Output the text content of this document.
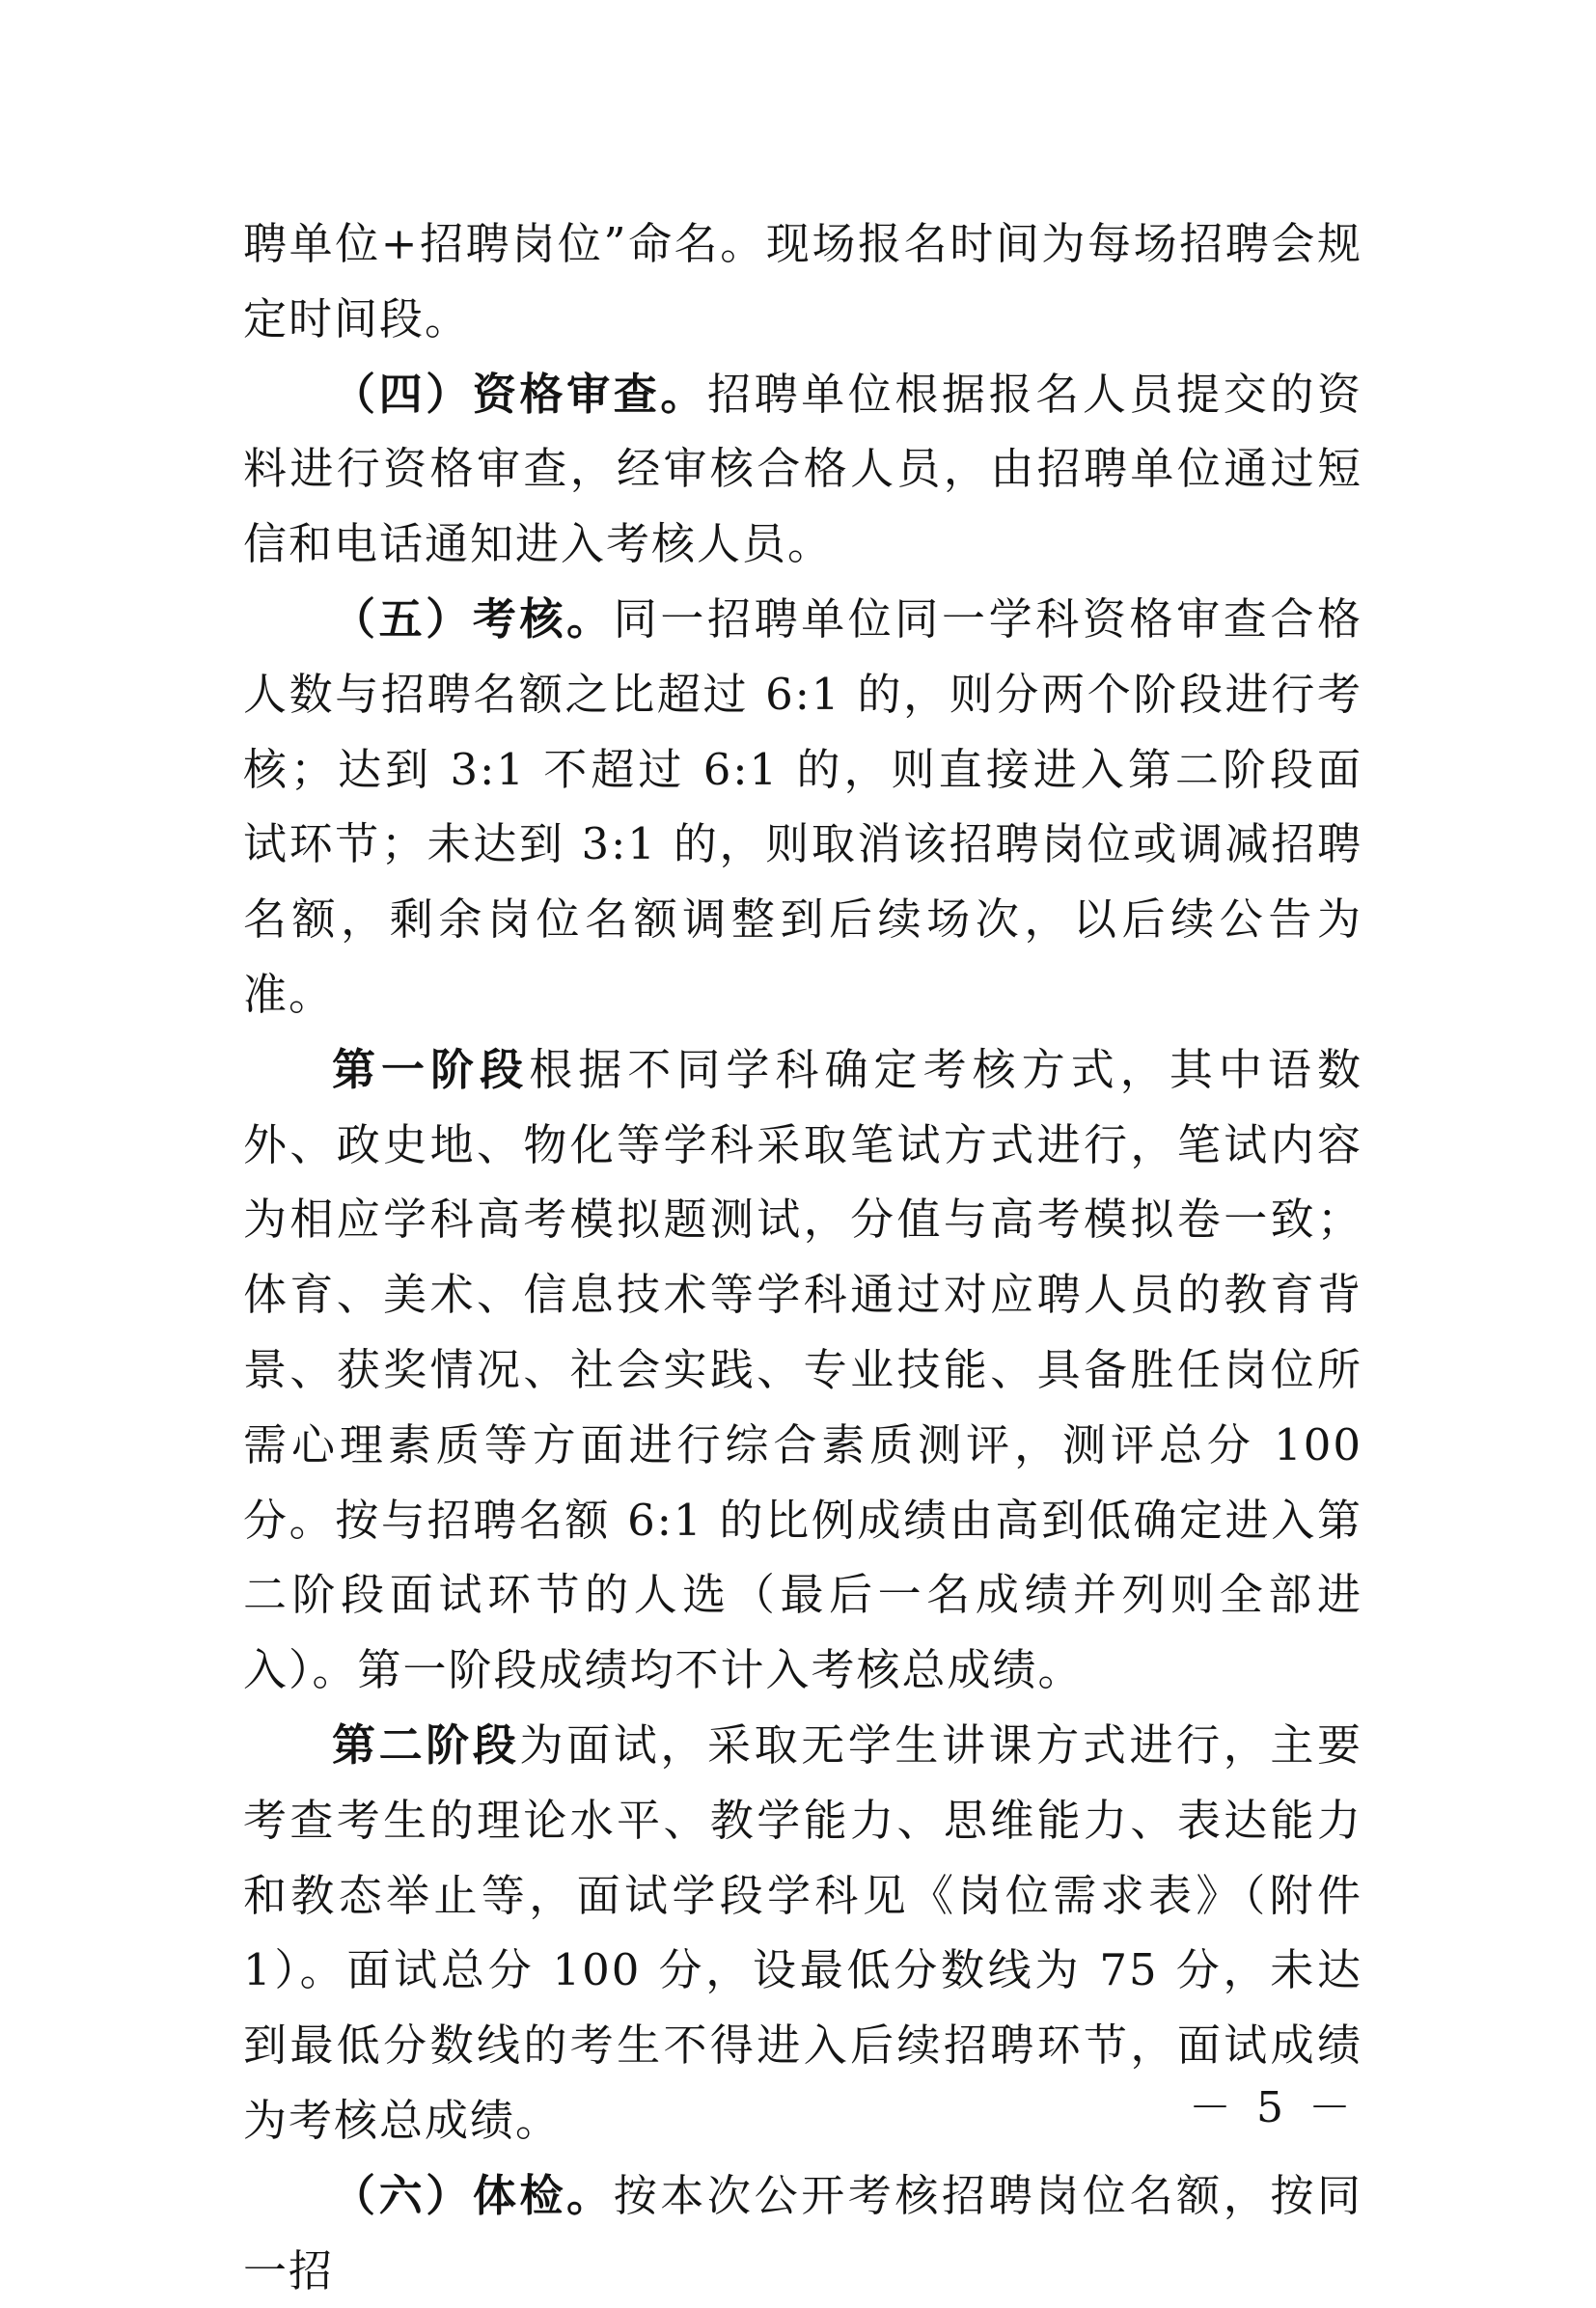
聘单位+招聘岗位”命名。现场报名时间为每场招聘会规定时间段。

（四）资格审查。招聘单位根据报名人员提交的资料进行资格审查，经审核合格人员，由招聘单位通过短信和电话通知进入考核人员。

（五）考核。同一招聘单位同一学科资格审查合格人数与招聘名额之比超过 6:1 的，则分两个阶段进行考核；达到 3:1 不超过 6:1 的，则直接进入第二阶段面试环节；未达到 3:1 的，则取消该招聘岗位或调减招聘名额，剩余岗位名额调整到后续场次，以后续公告为准。

第一阶段根据不同学科确定考核方式，其中语数外、政史地、物化等学科采取笔试方式进行，笔试内容为相应学科高考模拟题测试，分值与高考模拟卷一致；体育、美术、信息技术等学科通过对应聘人员的教育背景、获奖情况、社会实践、专业技能、具备胜任岗位所需心理素质等方面进行综合素质测评，测评总分 100 分。按与招聘名额 6:1 的比例成绩由高到低确定进入第二阶段面试环节的人选（最后一名成绩并列则全部进入）。第一阶段成绩均不计入考核总成绩。

第二阶段为面试，采取无学生讲课方式进行，主要考查考生的理论水平、教学能力、思维能力、表达能力和教态举止等，面试学段学科见《岗位需求表》（附件 1）。面试总分 100 分，设最低分数线为 75 分，未达到最低分数线的考生不得进入后续招聘环节，面试成绩为考核总成绩。

（六）体检。按本次公开考核招聘岗位名额，按同一招

－ 5 －
